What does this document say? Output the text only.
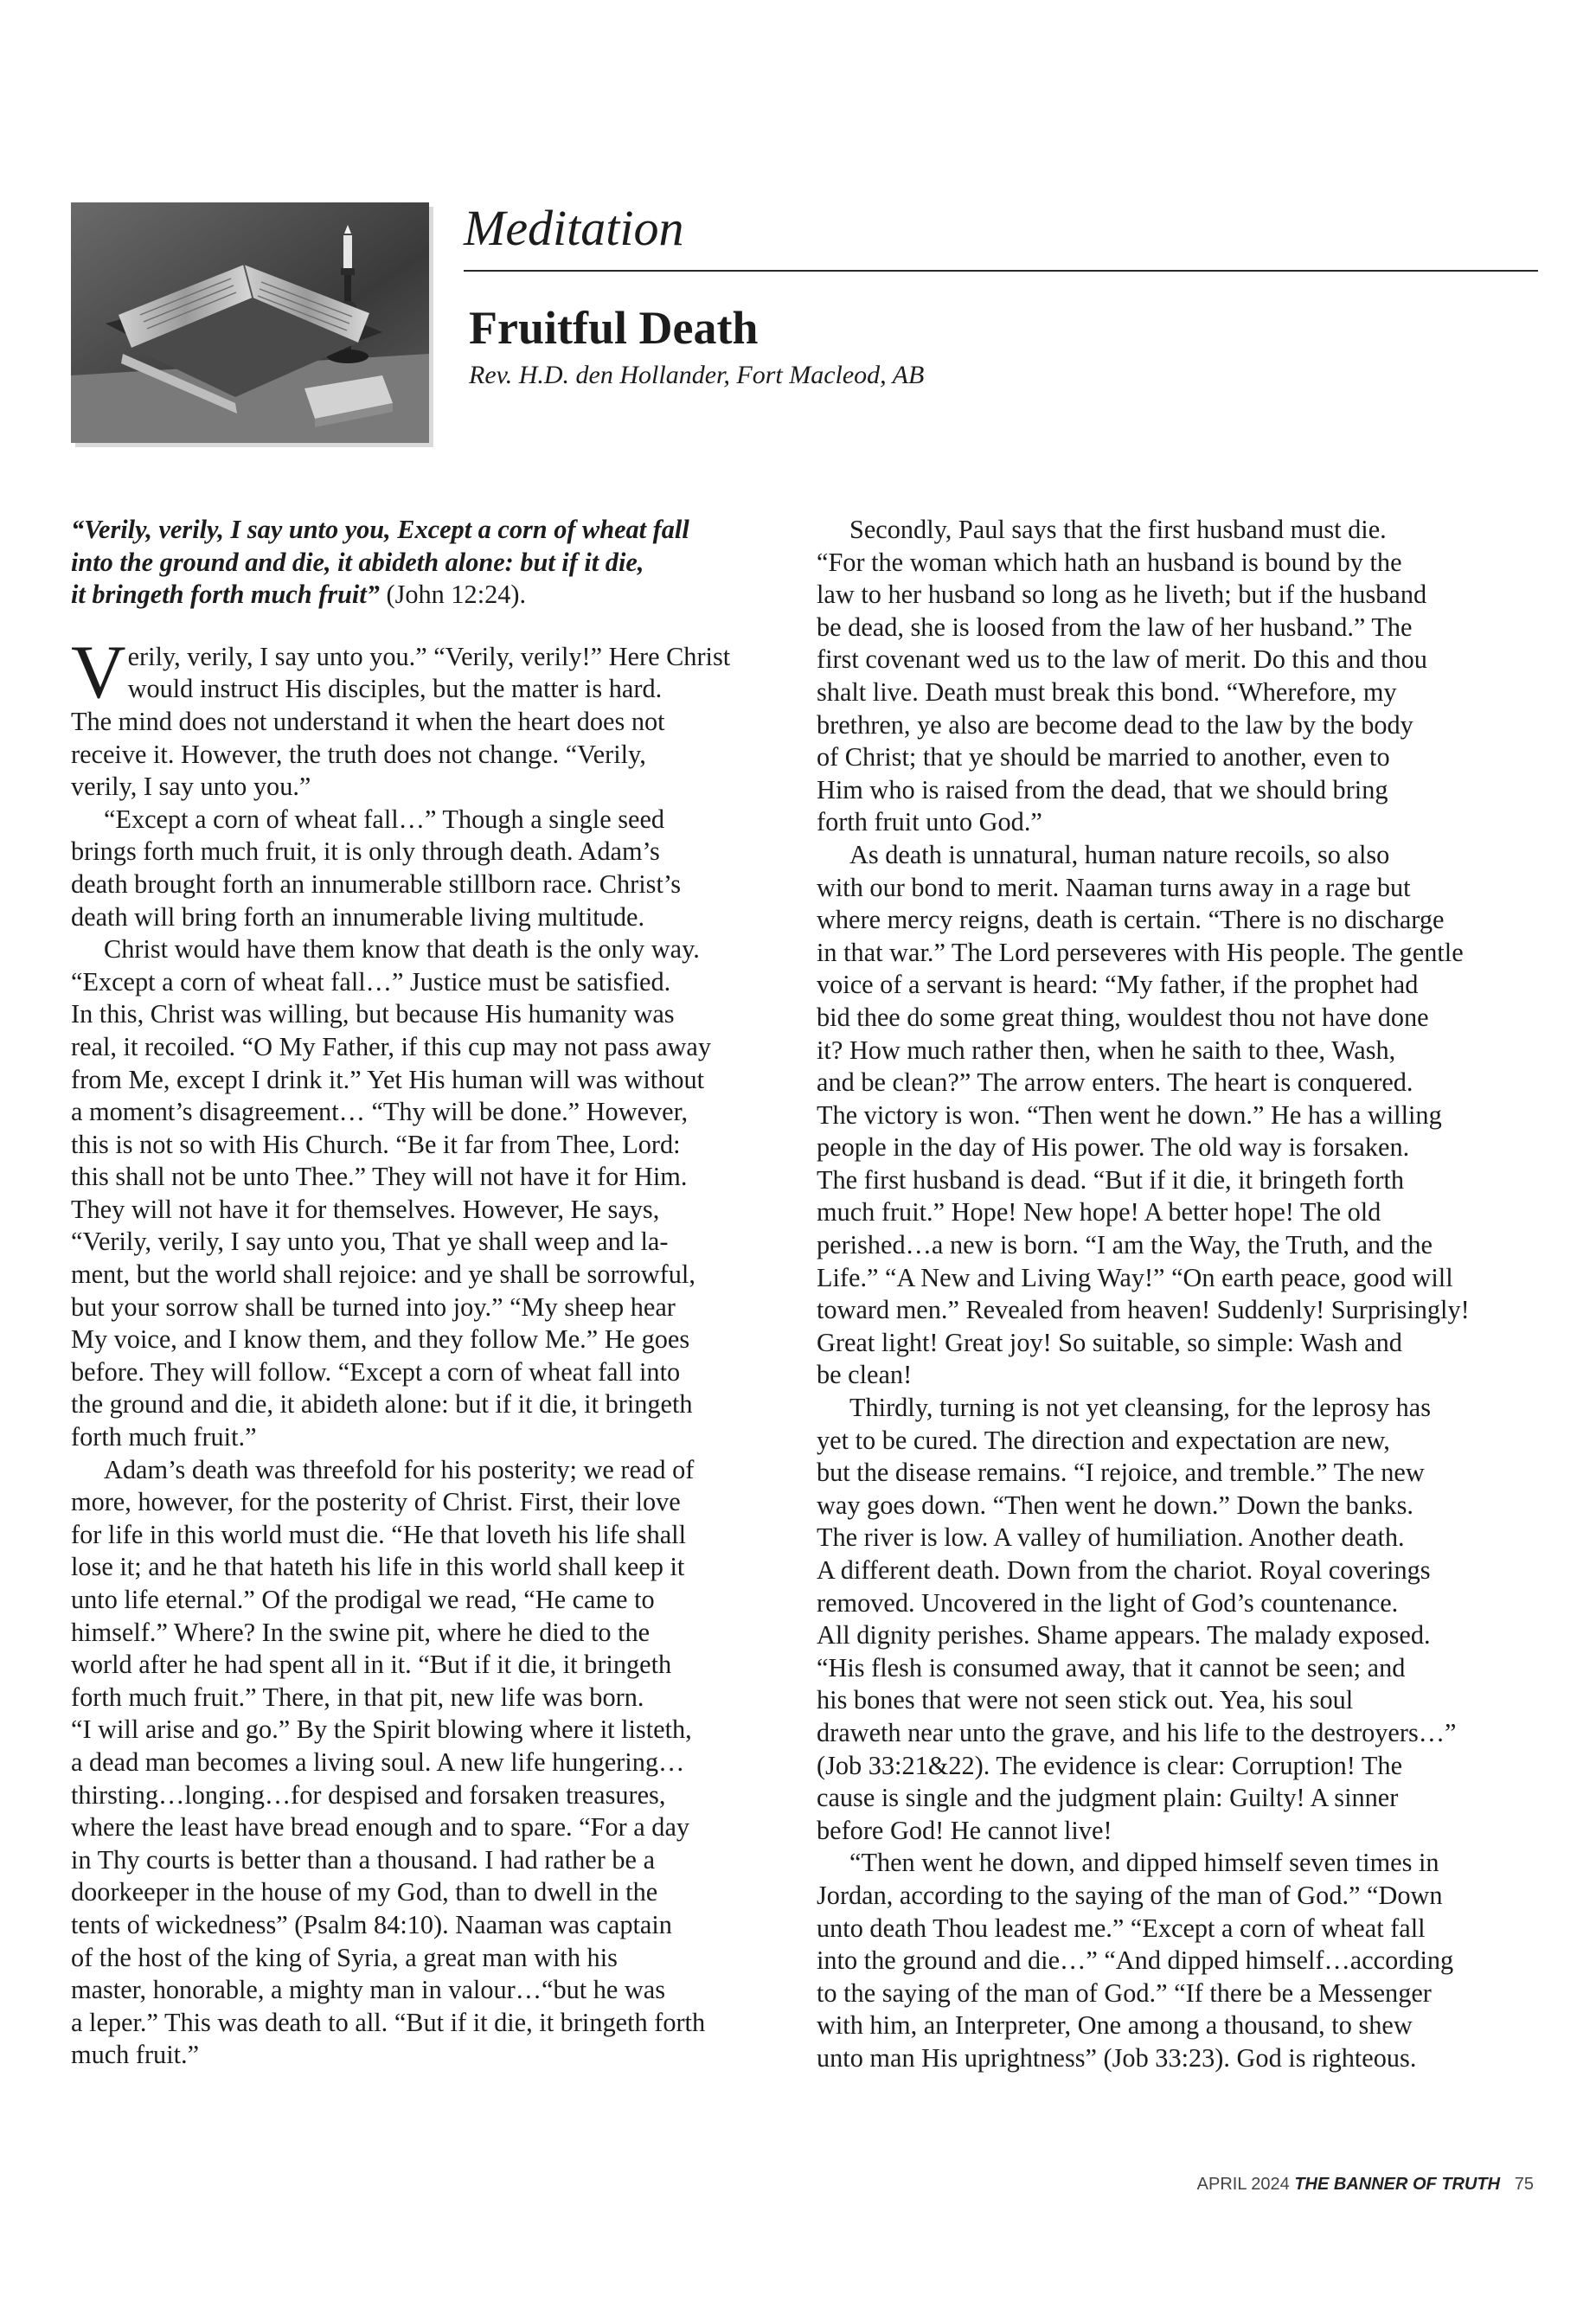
Meditation
Fruitful Death
Rev. H.D. den Hollander, Fort Macleod, AB

“Verily, verily, I say unto you, Except a corn of wheat fall
into the ground and die, it abideth alone: but if it die,
it bringeth forth much fruit” (John 12:24).

V erily, verily, I say unto you.” “Verily, verily!” Here Christ
would instruct His disciples, but the matter is hard.
The mind does not understand it when the heart does not
receive it. However, the truth does not change. “Verily,
verily, I say unto you.”

“Except a corn of wheat fall…” Though a single seed
brings forth much fruit, it is only through death. Adam’s
death brought forth an innumerable stillborn race. Christ’s
death will bring forth an innumerable living multitude.

Christ would have them know that death is the only way.
“Except a corn of wheat fall…” Justice must be satisfied.
In this, Christ was willing, but because His humanity was
real, it recoiled. “O My Father, if this cup may not pass away
from Me, except I drink it.” Yet His human will was without
a moment’s disagreement… “Thy will be done.” However,
this is not so with His Church. “Be it far from Thee, Lord:
this shall not be unto Thee.” They will not have it for Him.
They will not have it for themselves. However, He says,
“Verily, verily, I say unto you, That ye shall weep and la-
ment, but the world shall rejoice: and ye shall be sorrowful,
but your sorrow shall be turned into joy.” “My sheep hear
My voice, and I know them, and they follow Me.” He goes
before. They will follow. “Except a corn of wheat fall into
the ground and die, it abideth alone: but if it die, it bringeth
forth much fruit.”

Adam’s death was threefold for his posterity; we read of
more, however, for the posterity of Christ. First, their love
for life in this world must die. “He that loveth his life shall
lose it; and he that hateth his life in this world shall keep it
unto life eternal.” Of the prodigal we read, “He came to
himself.” Where? In the swine pit, where he died to the
world after he had spent all in it. “But if it die, it bringeth
forth much fruit.” There, in that pit, new life was born.
“I will arise and go.” By the Spirit blowing where it listeth,
a dead man becomes a living soul. A new life hungering…
thirsting…longing…for despised and forsaken treasures,
where the least have bread enough and to spare. “For a day
in Thy courts is better than a thousand. I had rather be a
doorkeeper in the house of my God, than to dwell in the
tents of wickedness” (Psalm 84:10). Naaman was captain
of the host of the king of Syria, a great man with his
master, honorable, a mighty man in valour…“but he was
a leper.” This was death to all. “But if it die, it bringeth forth
much fruit.”

Secondly, Paul says that the first husband must die.
“For the woman which hath an husband is bound by the
law to her husband so long as he liveth; but if the husband
be dead, she is loosed from the law of her husband.” The
first covenant wed us to the law of merit. Do this and thou
shalt live. Death must break this bond. “Wherefore, my
brethren, ye also are become dead to the law by the body
of Christ; that ye should be married to another, even to
Him who is raised from the dead, that we should bring
forth fruit unto God.”

As death is unnatural, human nature recoils, so also
with our bond to merit. Naaman turns away in a rage but
where mercy reigns, death is certain. “There is no discharge
in that war.” The Lord perseveres with His people. The gentle
voice of a servant is heard: “My father, if the prophet had
bid thee do some great thing, wouldest thou not have done
it? How much rather then, when he saith to thee, Wash,
and be clean?” The arrow enters. The heart is conquered.
The victory is won. “Then went he down.” He has a willing
people in the day of His power. The old way is forsaken.
The first husband is dead. “But if it die, it bringeth forth
much fruit.” Hope! New hope! A better hope! The old
perished…a new is born. “I am the Way, the Truth, and the
Life.” “A New and Living Way!” “On earth peace, good will
toward men.” Revealed from heaven! Suddenly! Surprisingly!
Great light! Great joy! So suitable, so simple: Wash and
be clean!

Thirdly, turning is not yet cleansing, for the leprosy has
yet to be cured. The direction and expectation are new,
but the disease remains. “I rejoice, and tremble.” The new
way goes down. “Then went he down.” Down the banks.
The river is low. A valley of humiliation. Another death.
A different death. Down from the chariot. Royal coverings
removed. Uncovered in the light of God’s countenance.
All dignity perishes. Shame appears. The malady exposed.
“His flesh is consumed away, that it cannot be seen; and
his bones that were not seen stick out. Yea, his soul
draweth near unto the grave, and his life to the destroyers…”
(Job 33:21&22). The evidence is clear: Corruption! The
cause is single and the judgment plain: Guilty! A sinner
before God! He cannot live!

“Then went he down, and dipped himself seven times in
Jordan, according to the saying of the man of God.” “Down
unto death Thou leadest me.” “Except a corn of wheat fall
into the ground and die…” “And dipped himself…according
to the saying of the man of God.” “If there be a Messenger
with him, an Interpreter, One among a thousand, to shew
unto man His uprightness” (Job 33:23). God is righteous.

APRIL 2024 THE BANNER OF TRUTH 75
